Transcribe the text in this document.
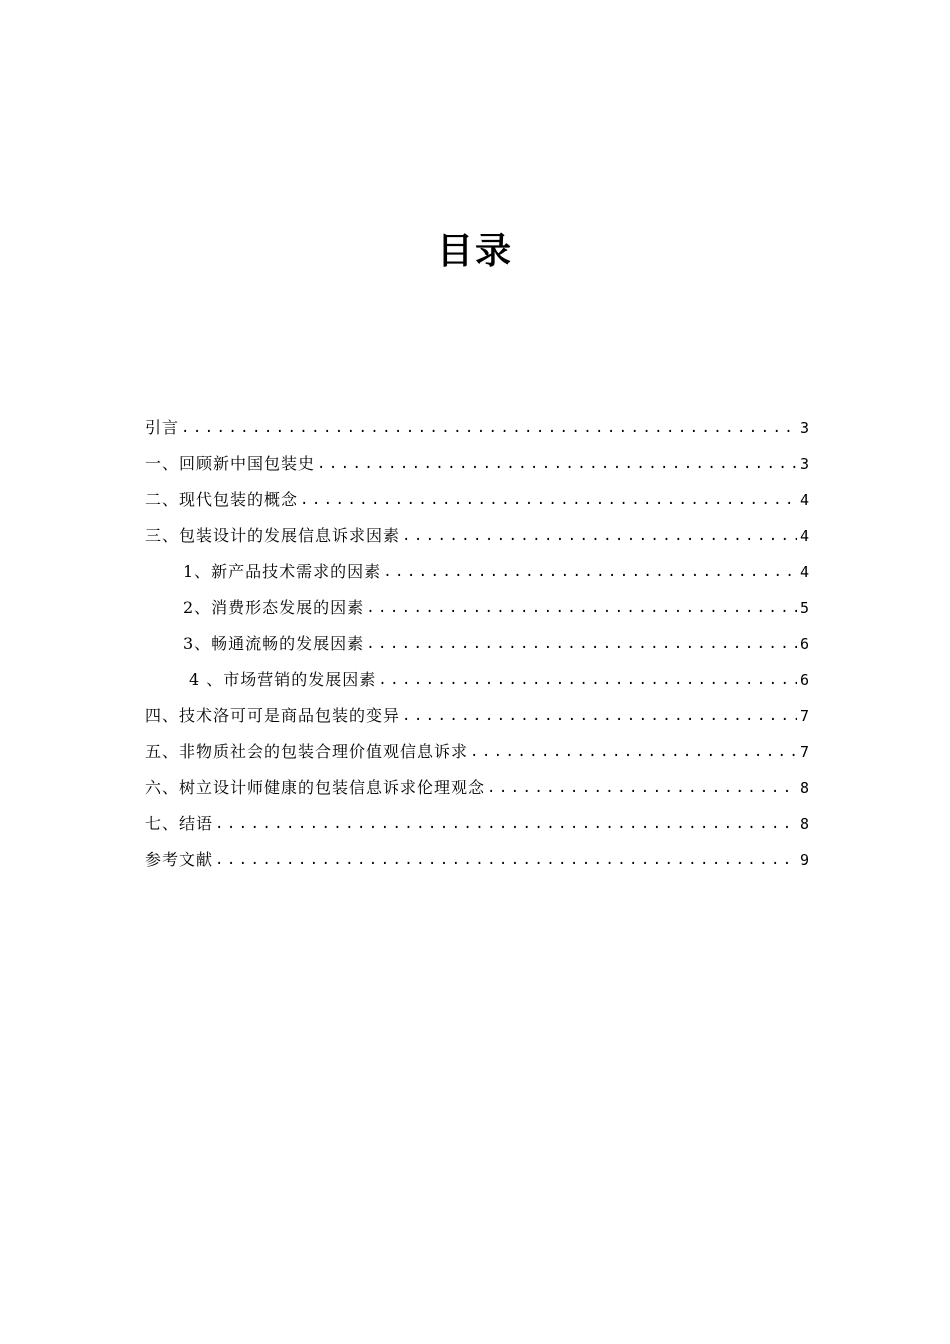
目录
引言 .....	3
一、回顾新中国包装史 .....	3
二、现代包装的概念 .....	4
三、包装设计的发展信息诉求因素 .....	4
1、新产品技术需求的因素 .....	4
2、消费形态发展的因素 .....	5
3、畅通流畅的发展因素 .....	6
4 、市场营销的发展因素 .....	6
四、技术洛可可是商品包装的变异 .....	7
五、非物质社会的包装合理价值观信息诉求 .....	7
六、树立设计师健康的包装信息诉求伦理观念 .....	8
七、结语 .....	8
参考文献 .....	9
